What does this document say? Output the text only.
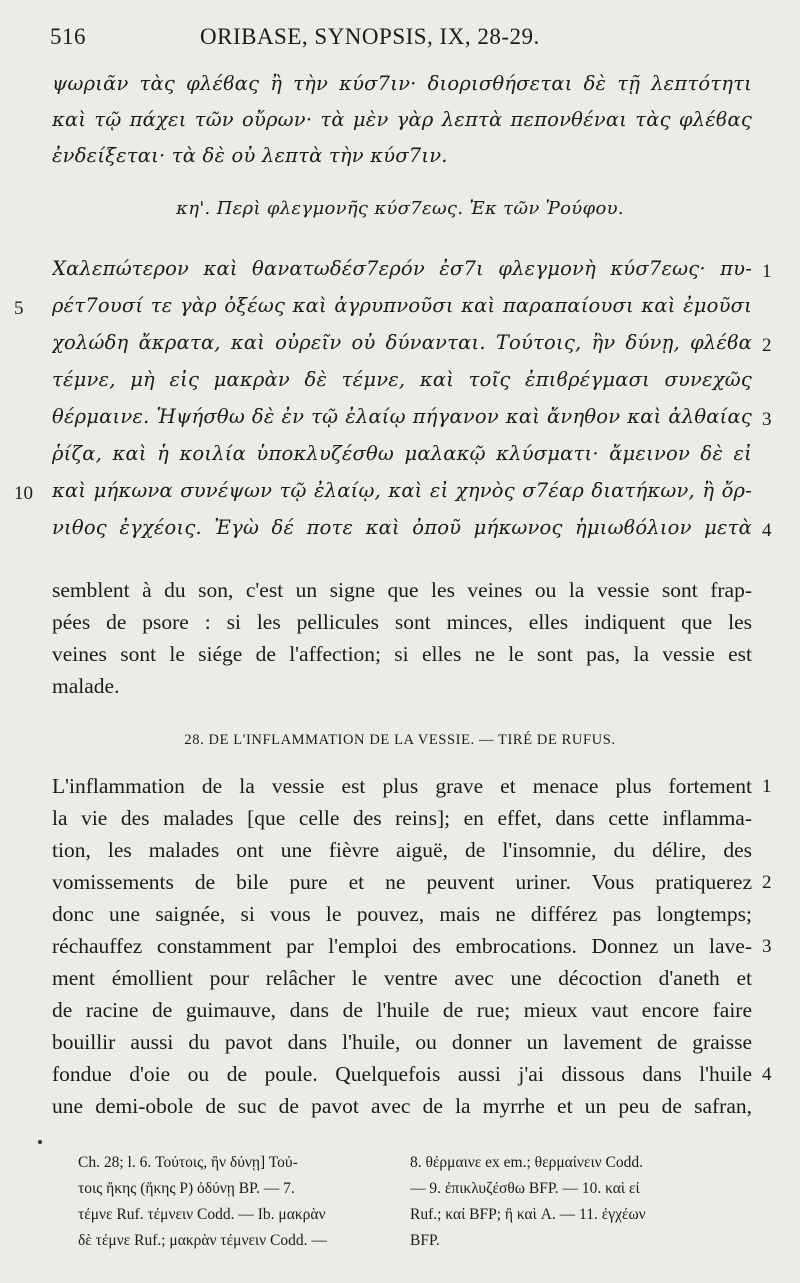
516	ORIBASE, SYNOPSIS, IX, 28-29.
ψωριᾶν τὰς φλέϐας ἢ τὴν κύσ7ιν· διορισθήσεται δὲ τῇ λεπτότητι
καὶ τῷ πάχει τῶν οὔρων· τὰ μὲν γὰρ λεπτὰ πεπονθέναι τὰς φλέϐας
ἐνδείξεται· τὰ δὲ οὐ λεπτὰ τὴν κύσ7ιν.
κη'. Περὶ φλεγμονῆς κύσ7εως. Ἐκ τῶν Ῥούφου.
Χαλεπώτερον καὶ θανατωδέσ7ερόν ἐσ7ι φλεγμονὴ κύσ7εως· πυ-
ρέτ7ουσί τε γὰρ ὀξέως καὶ ἀγρυπνοῦσι καὶ παραπαίουσι καὶ ἐμοῦσι
χολώδη ἄκρατα, καὶ οὐρεῖν οὐ δύνανται. Τούτοις, ἢν δύνῃ, φλέϐα
τέμνε, μὴ εἰς μακρὰν δὲ τέμνε, καὶ τοῖς ἐπιϐρέγμασι συνεχῶς
θέρμαινε. Ἡψήσθω δὲ ἐν τῷ ἐλαίῳ πήγανον καὶ ἄνηθον καὶ ἀλθαίας
ῥίζα, καὶ ἡ κοιλία ὑποκλυζέσθω μαλακῷ κλύσματι· ἄμεινον δὲ εἰ
καὶ μήκωνα συνέψων τῷ ἐλαίῳ, καὶ εἰ χηνὸς σ7έαρ διατήκων, ἢ ὄρ-
νιθος ἐγχέοις. Ἐγὼ δέ ποτε καὶ ὀποῦ μήκωνος ἡμιωϐόλιον μετὰ
5
10
1
2
3
4
semblent à du son, c'est un signe que les veines ou la vessie sont frap-
pées de psore : si les pellicules sont minces, elles indiquent que les
veines sont le siége de l'affection; si elles ne le sont pas, la vessie est
malade.
28. DE L'INFLAMMATION DE LA VESSIE. — TIRÉ DE RUFUS.
L'inflammation de la vessie est plus grave et menace plus fortement
la vie des malades [que celle des reins]; en effet, dans cette inflamma-
tion, les malades ont une fièvre aiguë, de l'insomnie, du délire, des
vomissements de bile pure et ne peuvent uriner. Vous pratiquerez
donc une saignée, si vous le pouvez, mais ne différez pas longtemps;
réchauffez constamment par l'emploi des embrocations. Donnez un lave-
ment émollient pour relâcher le ventre avec une décoction d'aneth et
de racine de guimauve, dans de l'huile de rue; mieux vaut encore faire
bouillir aussi du pavot dans l'huile, ou donner un lavement de graisse
fondue d'oie ou de poule. Quelquefois aussi j'ai dissous dans l'huile
une demi-obole de suc de pavot avec de la myrrhe et un peu de safran,
1
2
3
4
Ch. 28; l. 6. Τούτοις, ἢν δύνῃ] Τού-
τοις ἤκης (ἥκης P) ὀδύνῃ BP. — 7.
τέμνε Ruf. τέμνειν Codd. — Ib. μακρὰν
δὲ τέμνε Ruf.; μακρὰν τέμνειν Codd. —
8. θέρμαινε ex em.; θερμαίνειν Codd.
— 9. ἐπικλυζέσθω BFP. — 10. καὶ εἰ
Ruf.; καί BFP; ἢ καὶ A. — 11. ἐγχέων
BFP.
